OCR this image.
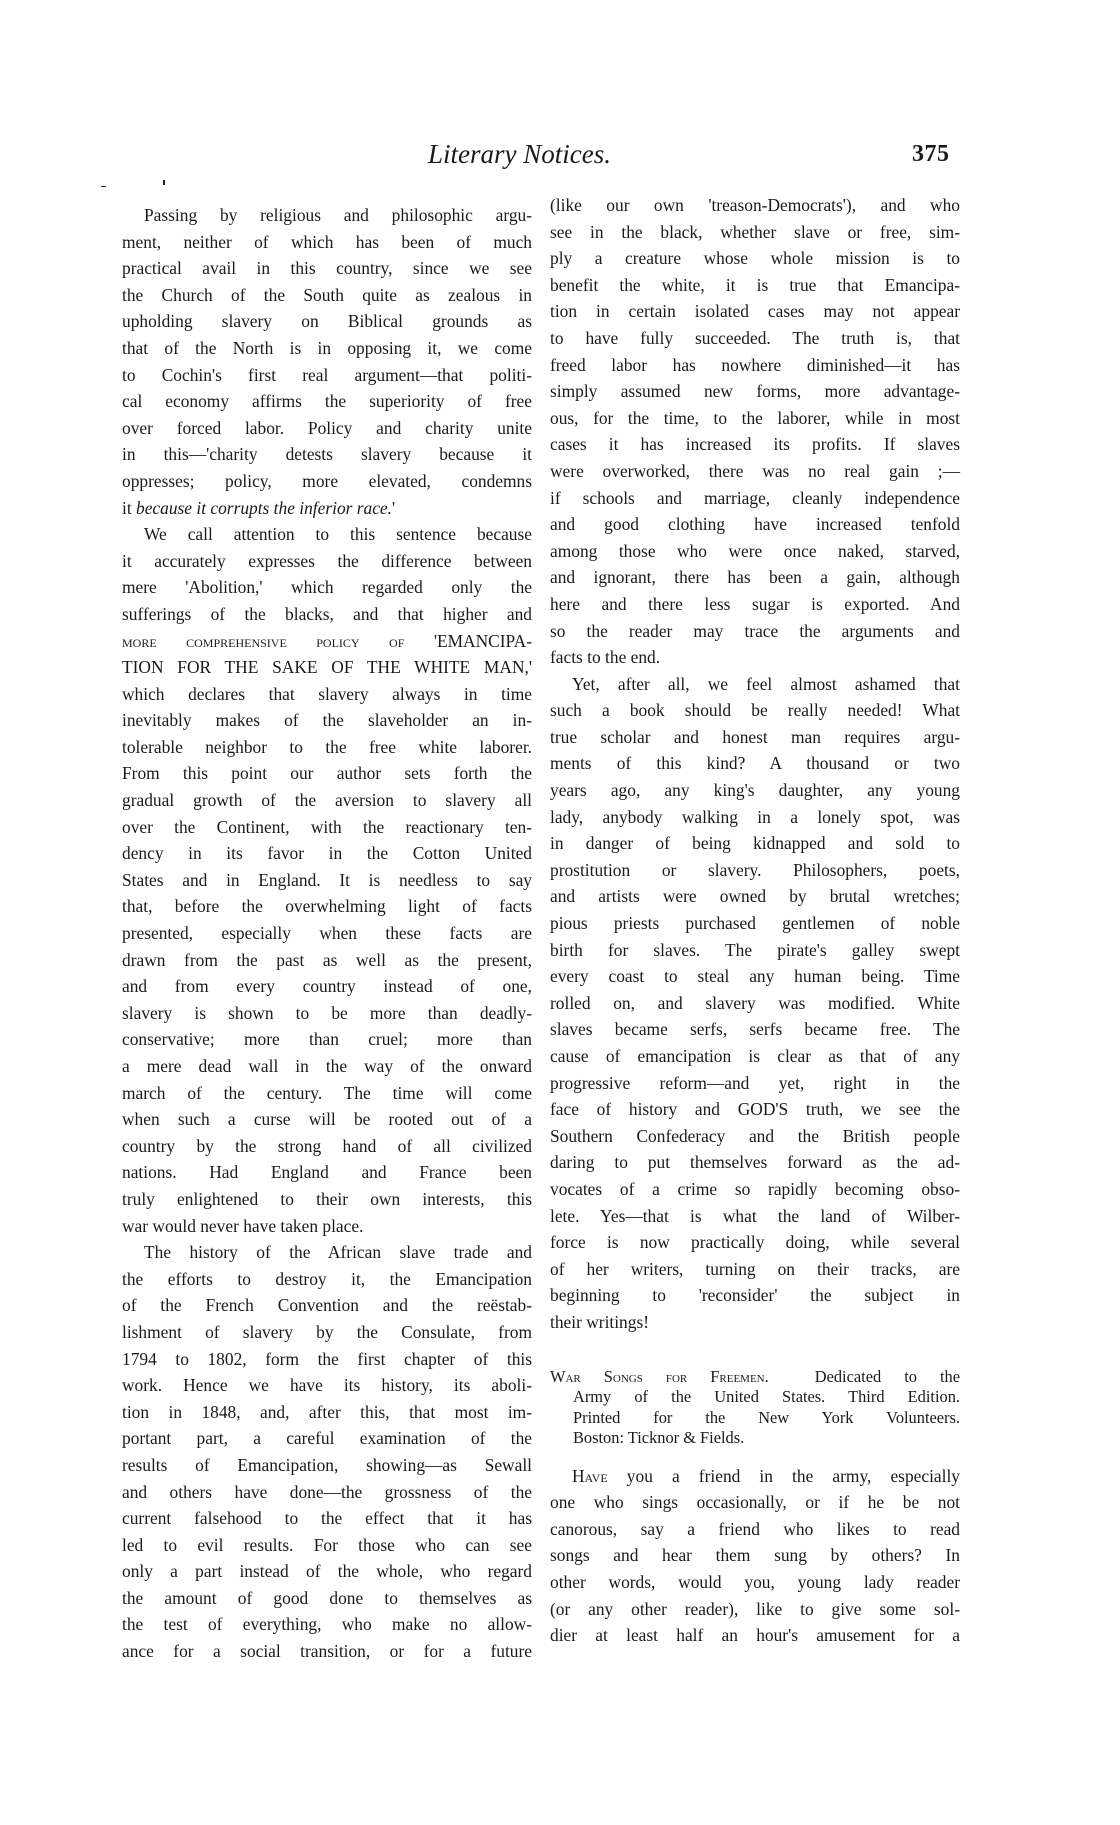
Literary Notices.	375
Passing by religious and philosophic argu-
ment, neither of which has been of much
practical avail in this country, since we see
the Church of the South quite as zealous in
upholding slavery on Biblical grounds as
that of the North is in opposing it, we come
to Cochin's first real argument—that politi-
cal economy affirms the superiority of free
over forced labor. Policy and charity unite
in this—'charity detests slavery because it
oppresses; policy, more elevated, condemns
it because it corrupts the inferior race.'
We call attention to this sentence because
it accurately expresses the difference between
mere 'Abolition,' which regarded only the
sufferings of the blacks, and that higher and
more comprehensive policy of 'EMANCIPA-
TION FOR THE SAKE OF THE WHITE MAN,'
which declares that slavery always in time
inevitably makes of the slaveholder an in-
tolerable neighbor to the free white laborer.
From this point our author sets forth the
gradual growth of the aversion to slavery all
over the Continent, with the reactionary ten-
dency in its favor in the Cotton United
States and in England. It is needless to say
that, before the overwhelming light of facts
presented, especially when these facts are
drawn from the past as well as the present,
and from every country instead of one,
slavery is shown to be more than deadly-
conservative; more than cruel; more than
a mere dead wall in the way of the onward
march of the century. The time will come
when such a curse will be rooted out of a
country by the strong hand of all civilized
nations. Had England and France been
truly enlightened to their own interests, this
war would never have taken place.
The history of the African slave trade and
the efforts to destroy it, the Emancipation
of the French Convention and the reëstab-
lishment of slavery by the Consulate, from
1794 to 1802, form the first chapter of this
work. Hence we have its history, its aboli-
tion in 1848, and, after this, that most im-
portant part, a careful examination of the
results of Emancipation, showing—as Sewall
and others have done—the grossness of the
current falsehood to the effect that it has
led to evil results. For those who can see
only a part instead of the whole, who regard
the amount of good done to themselves as
the test of everything, who make no allow-
ance for a social transition, or for a future
(like our own 'treason-Democrats'), and who
see in the black, whether slave or free, sim-
ply a creature whose whole mission is to
benefit the white, it is true that Emancipa-
tion in certain isolated cases may not appear
to have fully succeeded. The truth is, that
freed labor has nowhere diminished—it has
simply assumed new forms, more advantage-
ous, for the time, to the laborer, while in most
cases it has increased its profits. If slaves
were overworked, there was no real gain ;—
if schools and marriage, cleanly independence
and good clothing have increased tenfold
among those who were once naked, starved,
and ignorant, there has been a gain, although
here and there less sugar is exported. And
so the reader may trace the arguments and
facts to the end.
Yet, after all, we feel almost ashamed that
such a book should be really needed! What
true scholar and honest man requires argu-
ments of this kind? A thousand or two
years ago, any king's daughter, any young
lady, anybody walking in a lonely spot, was
in danger of being kidnapped and sold to
prostitution or slavery. Philosophers, poets,
and artists were owned by brutal wretches;
pious priests purchased gentlemen of noble
birth for slaves. The pirate's galley swept
every coast to steal any human being. Time
rolled on, and slavery was modified. White
slaves became serfs, serfs became free. The
cause of emancipation is clear as that of any
progressive reform—and yet, right in the
face of history and GOD'S truth, we see the
Southern Confederacy and the British people
daring to put themselves forward as the ad-
vocates of a crime so rapidly becoming obso-
lete. Yes—that is what the land of Wilber-
force is now practically doing, while several
of her writers, turning on their tracks, are
beginning to 'reconsider' the subject in
their writings!
War Songs for Freemen.	Dedicated to the
Army of the United States. Third Edition.
Printed for the New York Volunteers.
Boston: Ticknor & Fields.
Have you a friend in the army, especially
one who sings occasionally, or if he be not
canorous, say a friend who likes to read
songs and hear them sung by others? In
other words, would you, young lady reader
(or any other reader), like to give some sol-
dier at least half an hour's amusement for a
